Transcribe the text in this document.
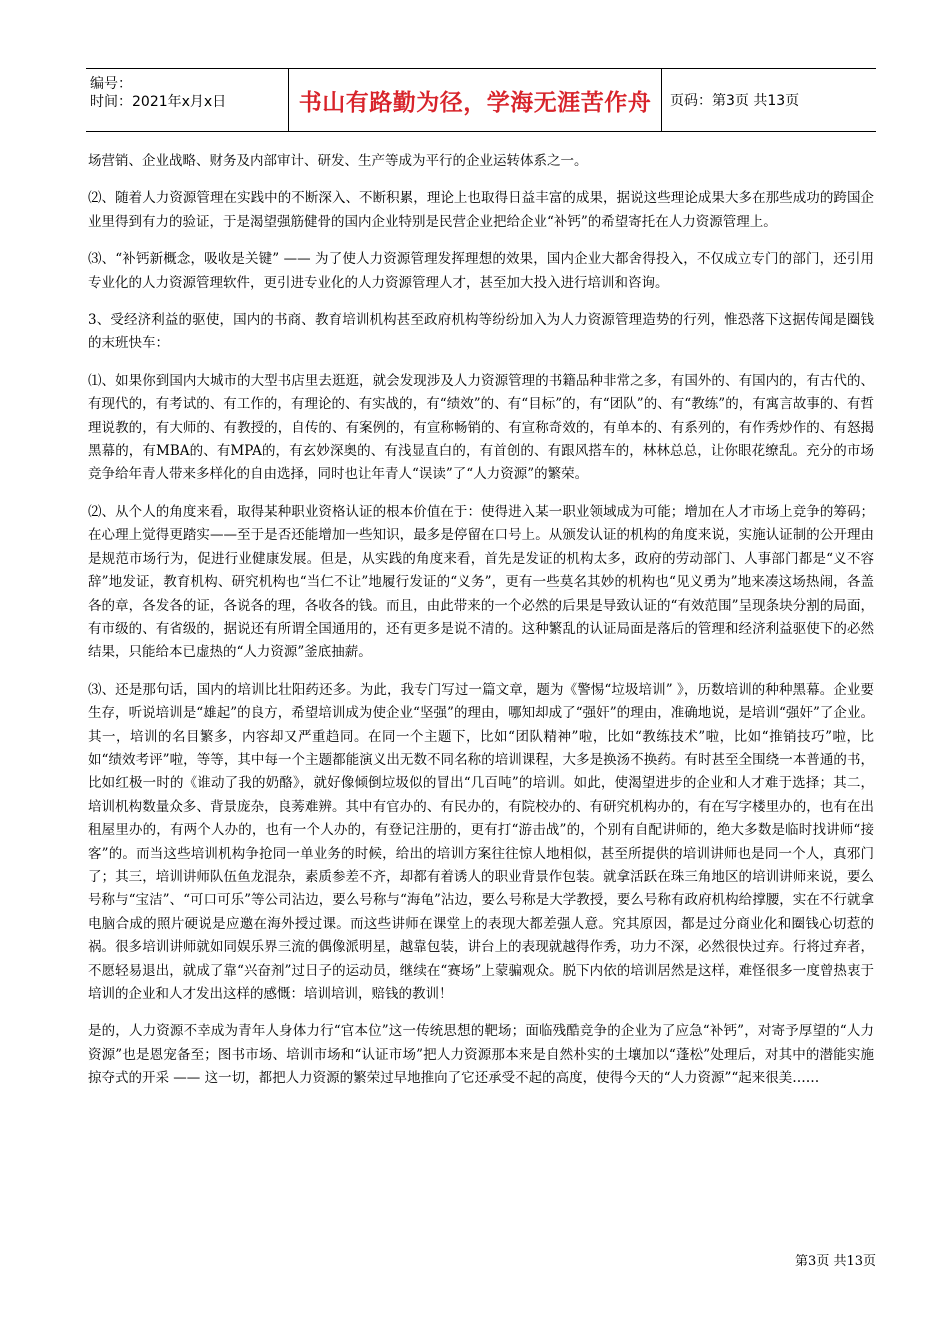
编号：
时间：2021年x月x日	书山有路勤为径，学海无涯苦作舟 页码：第3页 共13页

场营销、企业战略、财务及内部审计、研发、生产等成为平行的企业运转体系之一。

⑵、随着人力资源管理在实践中的不断深入、不断积累，理论上也取得日益丰富的成果，据说这些理论成果大多在那些成功的跨国企业里得到有力的验证，于是渴望强筋健骨的国内企业特别是民营企业把给企业“补钙”的希望寄托在人力资源管理上。

⑶、“补钙新概念，吸收是关键” —— 为了使人力资源管理发挥理想的效果，国内企业大都舍得投入，不仅成立专门的部门，还引用专业化的人力资源管理软件，更引进专业化的人力资源管理人才，甚至加大投入进行培训和咨询。

3、受经济利益的驱使，国内的书商、教育培训机构甚至政府机构等纷纷加入为人力资源管理造势的行列，惟恐落下这据传闻是圈钱的末班快车：

⑴、如果你到国内大城市的大型书店里去逛逛，就会发现涉及人力资源管理的书籍品种非常之多，有国外的、有国内的，有古代的、有现代的，有考试的、有工作的，有理论的、有实战的，有“绩效”的、有“目标”的，有“团队”的、有“教练”的，有寓言故事的、有哲理说教的，有大师的、有教授的，自传的、有案例的，有宣称畅销的、有宣称奇效的，有单本的、有系列的，有作秀炒作的、有怒揭黑幕的，有MBA的、有MPA的，有玄妙深奥的、有浅显直白的，有首创的、有跟风搭车的，林林总总，让你眼花缭乱。充分的市场竞争给年青人带来多样化的自由选择，同时也让年青人“误读”了“人力资源”的繁荣。

⑵、从个人的角度来看，取得某种职业资格认证的根本价值在于：使得进入某一职业领域成为可能；增加在人才市场上竞争的筹码；在心理上觉得更踏实——至于是否还能增加一些知识，最多是停留在口号上。从颁发认证的机构的角度来说，实施认证制的公开理由是规范市场行为，促进行业健康发展。但是，从实践的角度来看，首先是发证的机构太多，政府的劳动部门、人事部门都是“义不容辞”地发证，教育机构、研究机构也“当仁不让”地履行发证的“义务”，更有一些莫名其妙的机构也“见义勇为”地来凑这场热闹，各盖各的章，各发各的证，各说各的理，各收各的钱。而且，由此带来的一个必然的后果是导致认证的“有效范围”呈现条块分割的局面，有市级的、有省级的，据说还有所谓全国通用的，还有更多是说不清的。这种繁乱的认证局面是落后的管理和经济利益驱使下的必然结果，只能给本已虚热的“人力资源”釜底抽薪。

⑶、还是那句话，国内的培训比壮阳药还多。为此，我专门写过一篇文章，题为《警惕“垃圾培训” 》，历数培训的种种黑幕。企业要生存，听说培训是“雄起”的良方，希望培训成为使企业“坚强”的理由，哪知却成了“强奸”的理由，准确地说，是培训“强奸”了企业。其一，培训的名目繁多，内容却又严重趋同。在同一个主题下，比如“团队精神”啦，比如“教练技术”啦，比如“推销技巧”啦，比如“绩效考评”啦，等等，其中每一个主题都能演义出无数不同名称的培训课程，大多是换汤不换药。有时甚至全围绕一本普通的书，比如红极一时的《谁动了我的奶酪》，就好像倾倒垃圾似的冒出“几百吨”的培训。如此，使渴望进步的企业和人才难于选择；其二，培训机构数量众多、背景庞杂，良莠难辨。其中有官办的、有民办的，有院校办的、有研究机构办的，有在写字楼里办的，也有在出租屋里办的，有两个人办的，也有一个人办的，有登记注册的，更有打“游击战”的，个别有自配讲师的，绝大多数是临时找讲师“接客”的。而当这些培训机构争抢同一单业务的时候，给出的培训方案往往惊人地相似，甚至所提供的培训讲师也是同一个人，真邪门了；其三，培训讲师队伍鱼龙混杂，素质参差不齐，却都有着诱人的职业背景作包装。就拿活跃在珠三角地区的培训讲师来说，要么号称与“宝洁”、“可口可乐”等公司沾边，要么号称与“海龟”沾边，要么号称是大学教授，要么号称有政府机构给撑腰，实在不行就拿电脑合成的照片硬说是应邀在海外授过课。而这些讲师在课堂上的表现大都差强人意。究其原因，都是过分商业化和圈钱心切惹的祸。很多培训讲师就如同娱乐界三流的偶像派明星，越靠包装，讲台上的表现就越得作秀，功力不深，必然很快过弃。行将过弃者，不愿轻易退出，就成了靠“兴奋剂”过日子的运动员，继续在“赛场”上蒙骗观众。脱下内依的培训居然是这样，难怪很多一度曾热衷于培训的企业和人才发出这样的感慨：培训培训，赔钱的教训！

是的，人力资源不幸成为青年人身体力行“官本位”这一传统思想的靶场；面临残酷竞争的企业为了应急“补钙”，对寄予厚望的“人力资源”也是恩宠备至；图书市场、培训市场和“认证市场”把人力资源那本来是自然朴实的土壤加以“蓬松”处理后，对其中的潜能实施掠夺式的开采 —— 这一切，都把人力资源的繁荣过早地推向了它还承受不起的高度，使得今天的“人力资源”“起来很美……

第3页 共13页
